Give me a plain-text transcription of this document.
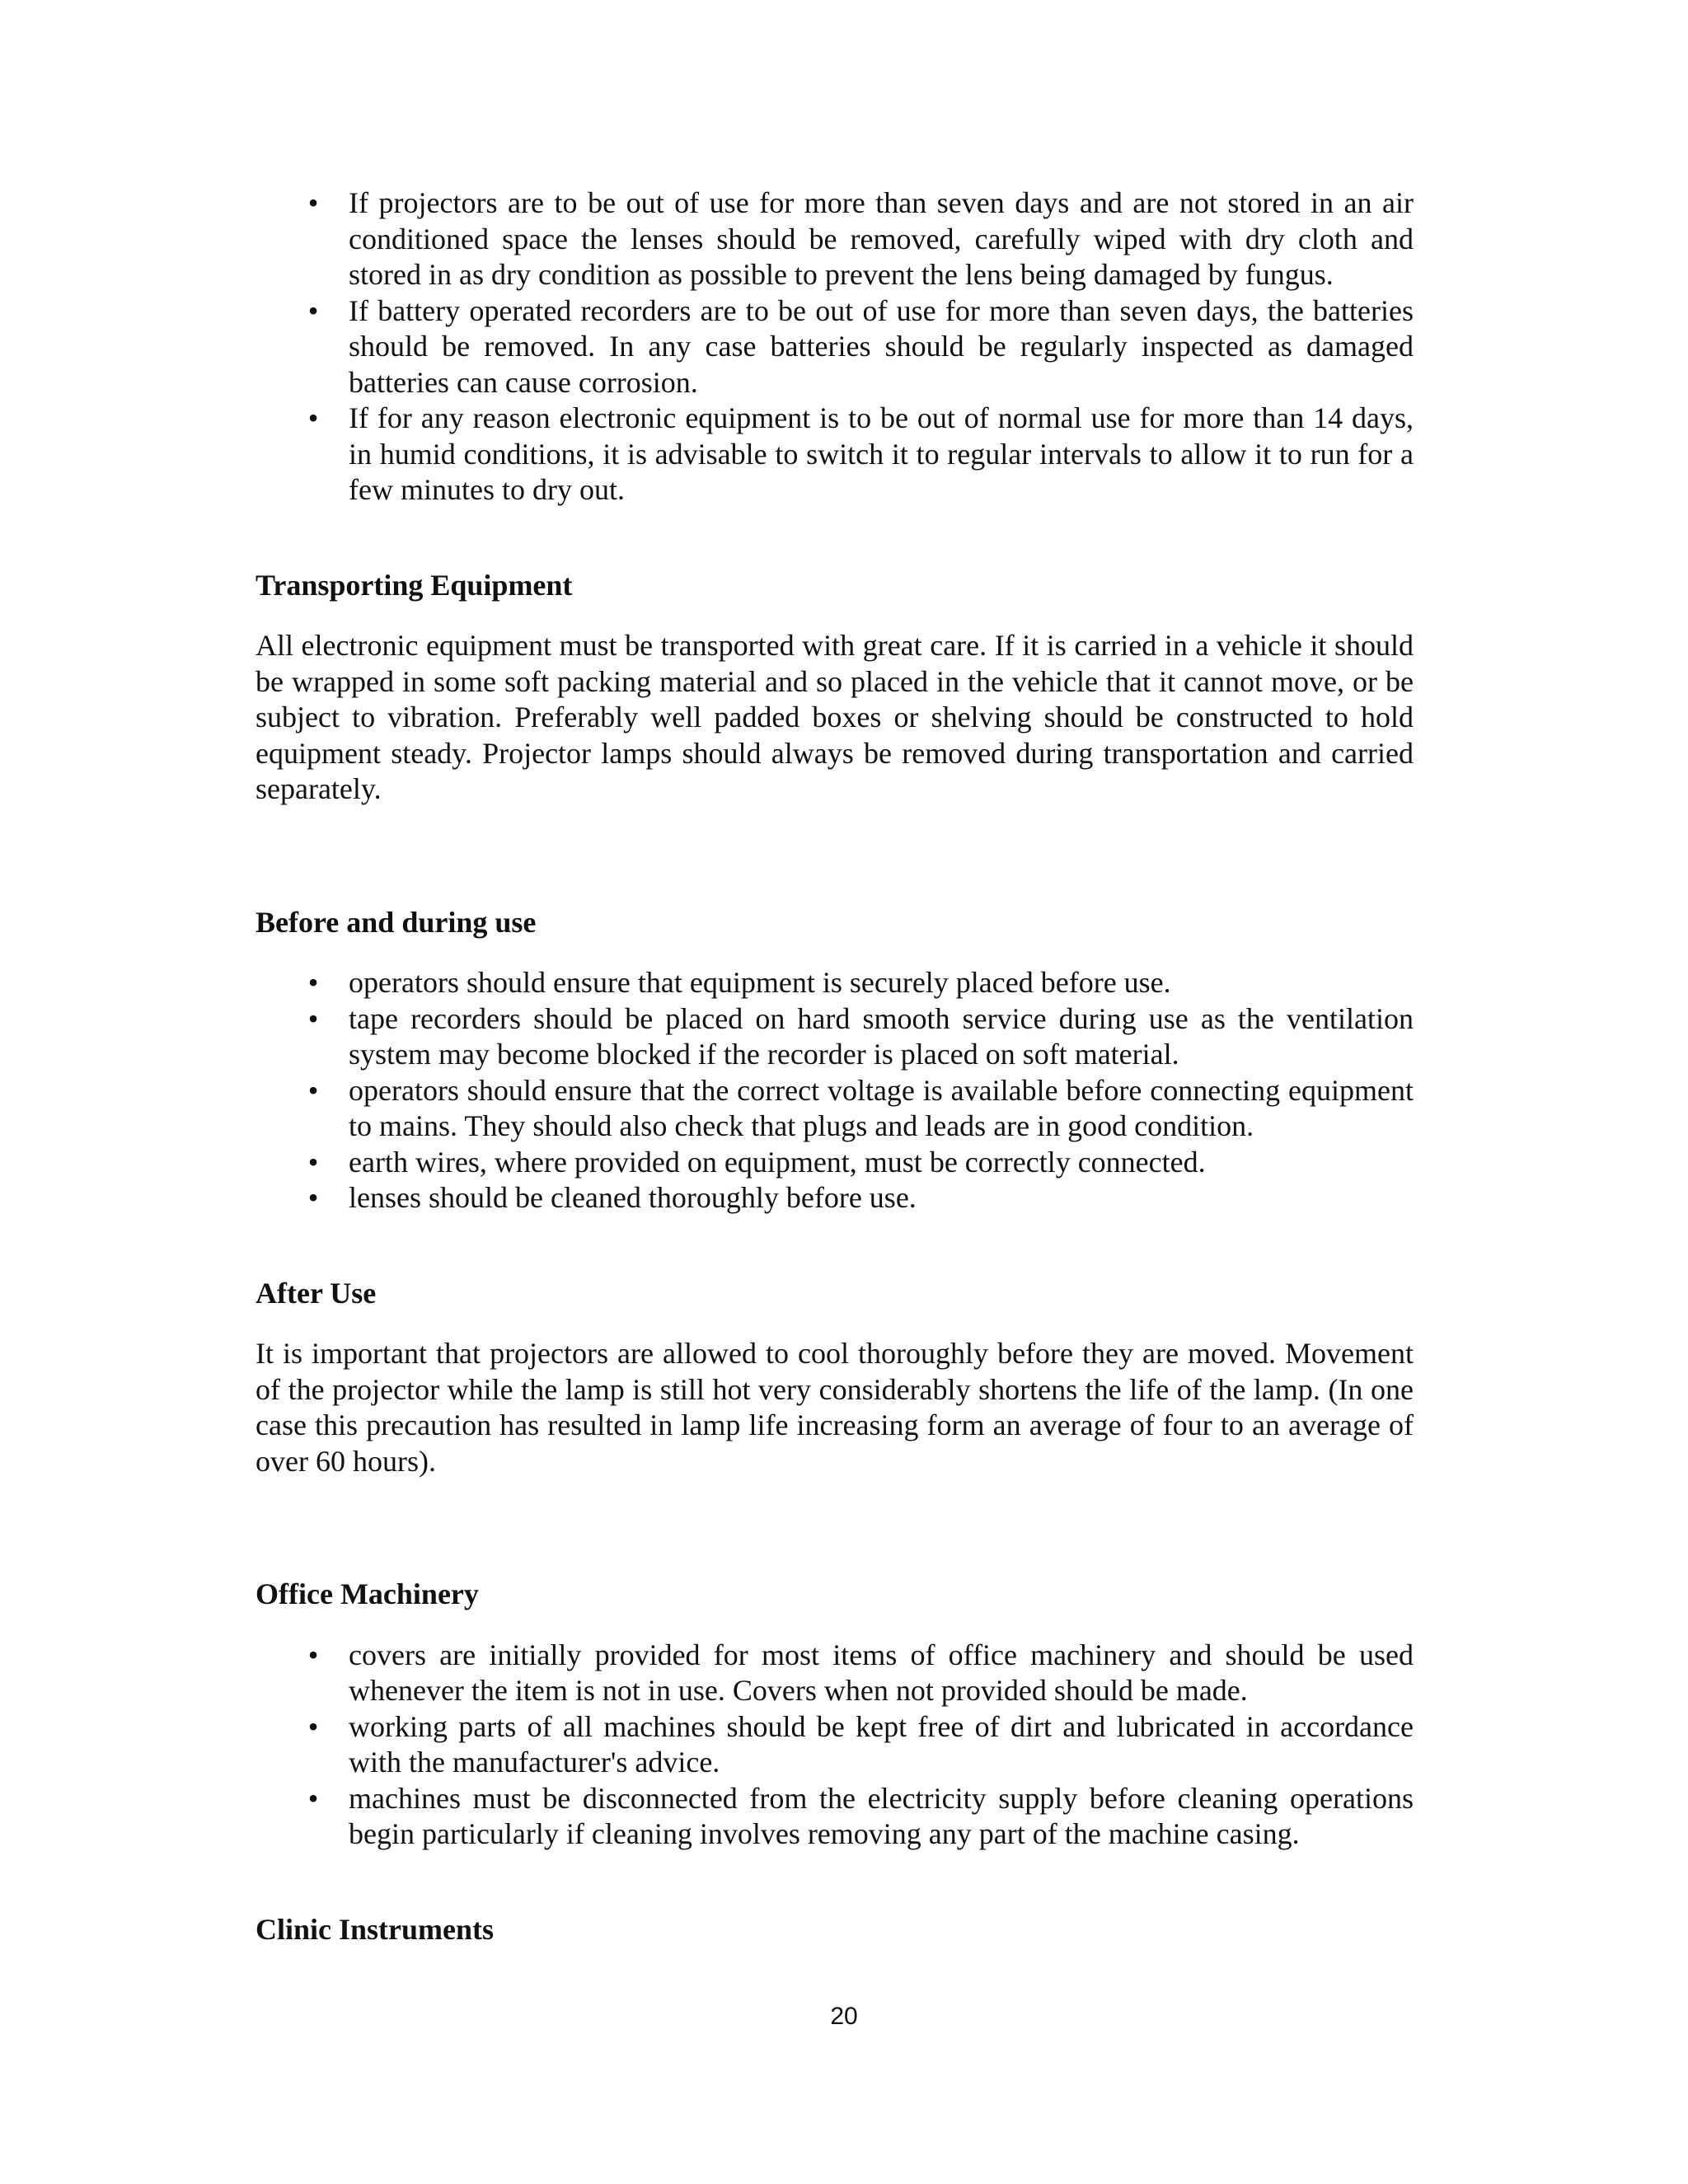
• If projectors are to be out of use for more than seven days and are not stored in an air conditioned space the lenses should be removed, carefully wiped with dry cloth and stored in as dry condition as possible to prevent the lens being damaged by fungus.
• If battery operated recorders are to be out of use for more than seven days, the batteries should be removed. In any case batteries should be regularly inspected as damaged batteries can cause corrosion.
• If for any reason electronic equipment is to be out of normal use for more than 14 days, in humid conditions, it is advisable to switch it to regular intervals to allow it to run for a few minutes to dry out.
Transporting Equipment

All electronic equipment must be transported with great care. If it is carried in a vehicle it should be wrapped in some soft packing material and so placed in the vehicle that it cannot move, or be subject to vibration. Preferably well padded boxes or shelving should be constructed to hold equipment steady. Projector lamps should always be removed during transportation and carried separately.

Before and during use
• operators should ensure that equipment is securely placed before use.
• tape recorders should be placed on hard smooth service during use as the ventilation system may become blocked if the recorder is placed on soft material.
• operators should ensure that the correct voltage is available before connecting equipment to mains. They should also check that plugs and leads are in good condition.
• earth wires, where provided on equipment, must be correctly connected.
• lenses should be cleaned thoroughly before use.
After Use

It is important that projectors are allowed to cool thoroughly before they are moved. Movement of the projector while the lamp is still hot very considerably shortens the life of the lamp. (In one case this precaution has resulted in lamp life increasing form an average of four to an average of over 60 hours).

Office Machinery
• covers are initially provided for most items of office machinery and should be used whenever the item is not in use. Covers when not provided should be made.
• working parts of all machines should be kept free of dirt and lubricated in accordance with the manufacturer's advice.
• machines must be disconnected from the electricity supply before cleaning operations begin particularly if cleaning involves removing any part of the machine casing.
Clinic Instruments
20
